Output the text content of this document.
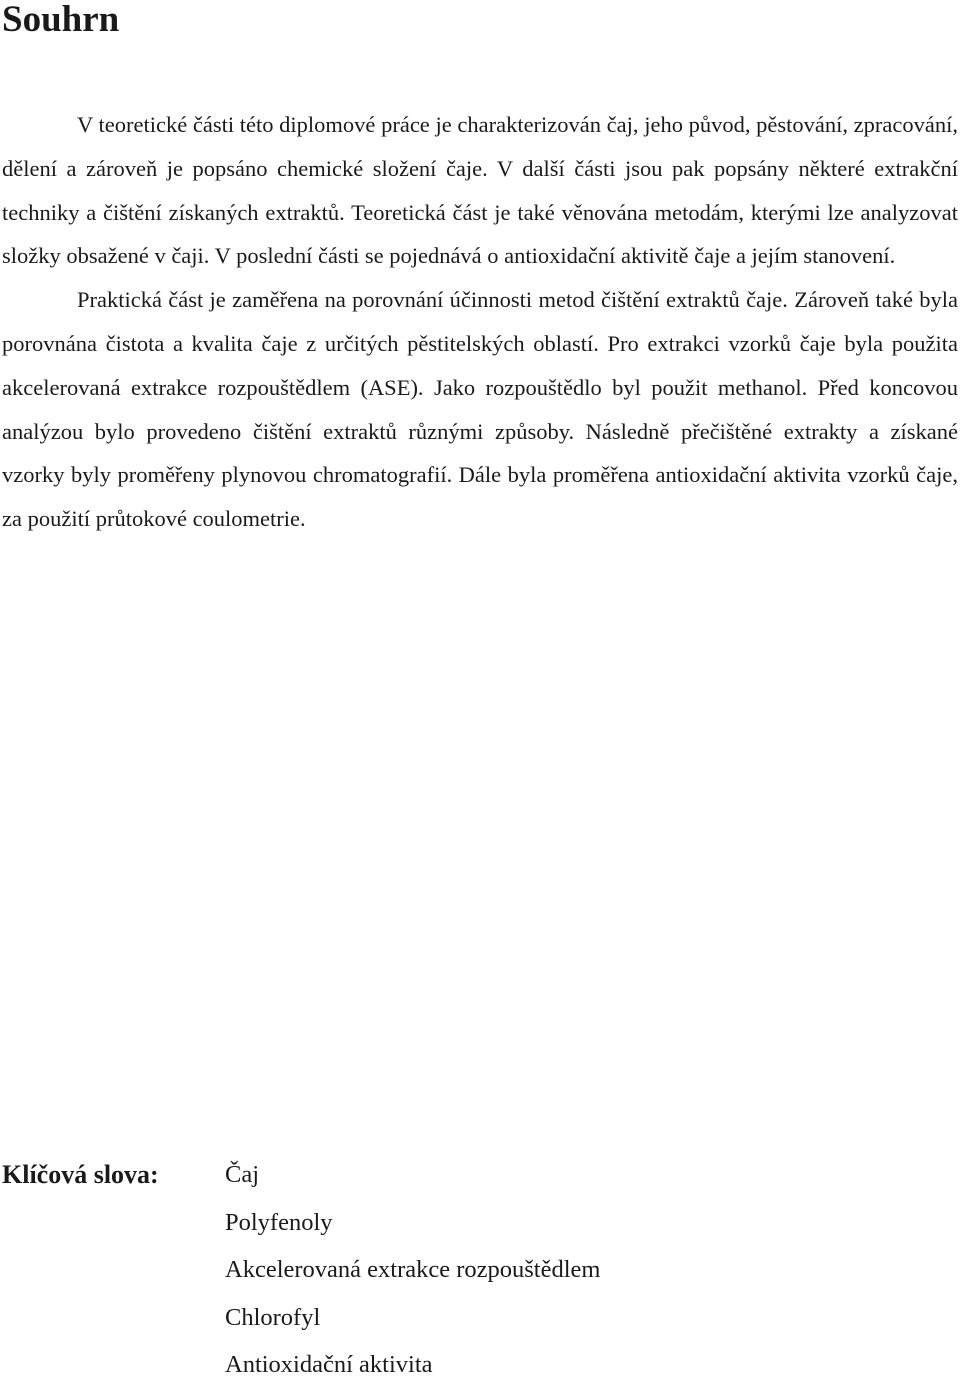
Souhrn

V teoretické části této diplomové práce je charakterizován čaj, jeho původ, pěstování, zpracování, dělení a zároveň je popsáno chemické složení čaje. V další části jsou pak popsány některé extrakční techniky a čištění získaných extraktů. Teoretická část je také věnována metodám, kterými lze analyzovat složky obsažené v čaji. V poslední části se pojednává o antioxidační aktivitě čaje a jejím stanovení.

Praktická část je zaměřena na porovnání účinnosti metod čištění extraktů čaje. Zároveň také byla porovnána čistota a kvalita čaje z určitých pěstitelských oblastí. Pro extrakci vzorků čaje byla použita akcelerovaná extrakce rozpouštědlem (ASE). Jako rozpouštědlo byl použit methanol. Před koncovou analýzou bylo provedeno čištění extraktů různými způsoby. Následně přečištěné extrakty a získané vzorky byly proměřeny plynovou chromatografií. Dále byla proměřena antioxidační aktivita vzorků čaje, za použití průtokové coulometrie.

Klíčová slova:	Čaj
Polyfenoly
Akcelerovaná extrakce rozpouštědlem
Chlorofyl
Antioxidační aktivita
